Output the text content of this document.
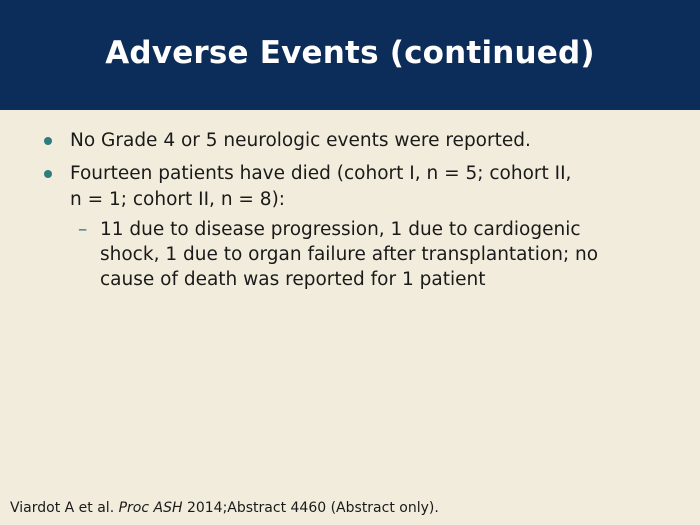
Adverse Events (continued)
No Grade 4 or 5 neurologic events were reported.
Fourteen patients have died (cohort I, n = 5; cohort II,
n = 1; cohort II, n = 8):
– 11 due to disease progression, 1 due to cardiogenic
shock, 1 due to organ failure after transplantation; no
cause of death was reported for 1 patient
Viardot A et al. Proc ASH 2014;Abstract 4460 (Abstract only).
